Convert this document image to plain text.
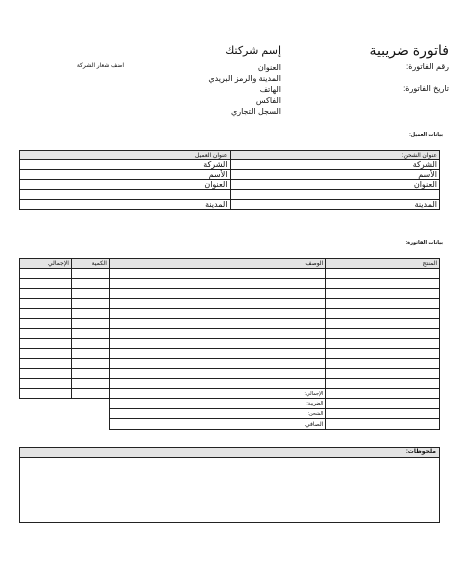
فاتورة ضريبية
إسم شركتك
اضف شعار الشركة	رقم الفاتورة:
تاريخ الفاتورة:
العنوان
المدينة والرمز البريدي
الهاتف
الفاكس
السجل التجاري
بيانات العميل:
عنوان الشحن:	عنوان العميل
الشركة	الشركة
الأسم	الأسم
العنوان	العنوان

المدينة	المدينة
بيانات الفاتورة:
المنتج	الوصف	الكمية	الإجمالي

	الإجمالي:
	الضريبة:
	الشحن:
	الصافي
ملحوظات:
